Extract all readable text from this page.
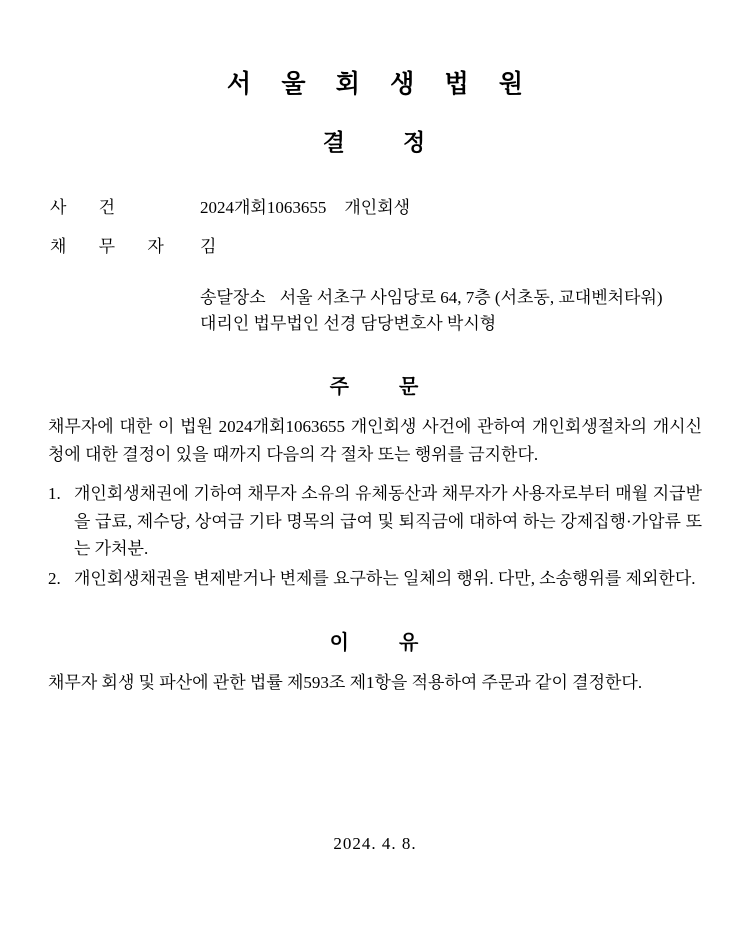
서 울 회 생 법 원
결 정
사 건	2024개회1063655 개인회생
채 무 자	김
송달장소 서울 서초구 사임당로 64, 7층 (서초동, 교대벤처타워)
대리인 법무법인 선경 담당변호사 박시형
주 문

채무자에 대한 이 법원 2024개회1063655 개인회생 사건에 관하여 개인회생절차의 개시신청에 대한 결정이 있을 때까지 다음의 각 절차 또는 행위를 금지한다.

1. 개인회생채권에 기하여 채무자 소유의 유체동산과 채무자가 사용자로부터 매월 지급받을 급료, 제수당, 상여금 기타 명목의 급여 및 퇴직금에 대하여 하는 강제집행·가압류 또는 가처분.
2. 개인회생채권을 변제받거나 변제를 요구하는 일체의 행위. 다만, 소송행위를 제외한다.
이 유

채무자 회생 및 파산에 관한 법률 제593조 제1항을 적용하여 주문과 같이 결정한다.

2024. 4. 8.
